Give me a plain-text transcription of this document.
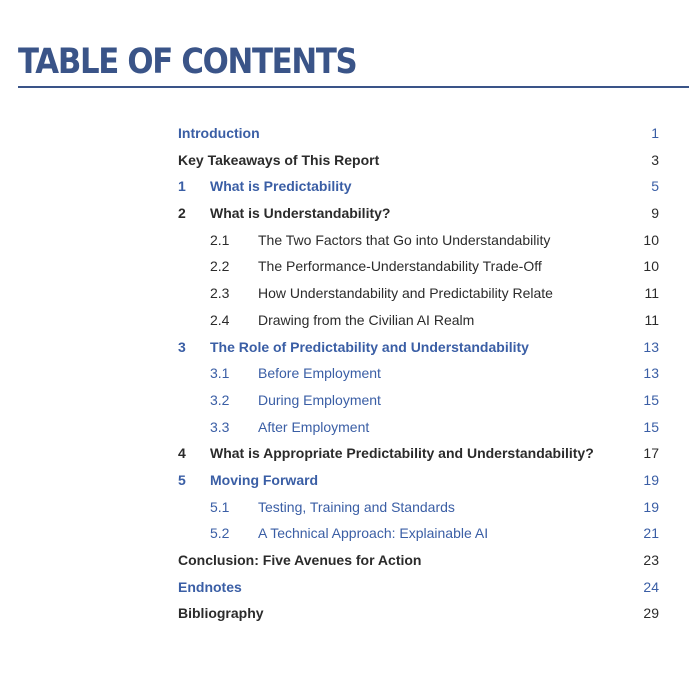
TABLE OF CONTENTS
Introduction	1
Key Takeaways of This Report	3
1 What is Predictability	5
2 What is Understandability?	9
2.1 The Two Factors that Go into Understandability	10
2.2 The Performance-Understandability Trade-Off	10
2.3 How Understandability and Predictability Relate	11
2.4 Drawing from the Civilian AI Realm	11
3 The Role of Predictability and Understandability	13
3.1 Before Employment	13
3.2 During Employment	15
3.3 After Employment	15
4 What is Appropriate Predictability and Understandability?	17
5 Moving Forward	19
5.1 Testing, Training and Standards	19
5.2 A Technical Approach: Explainable AI	21
Conclusion: Five Avenues for Action	23
Endnotes	24
Bibliography	29
